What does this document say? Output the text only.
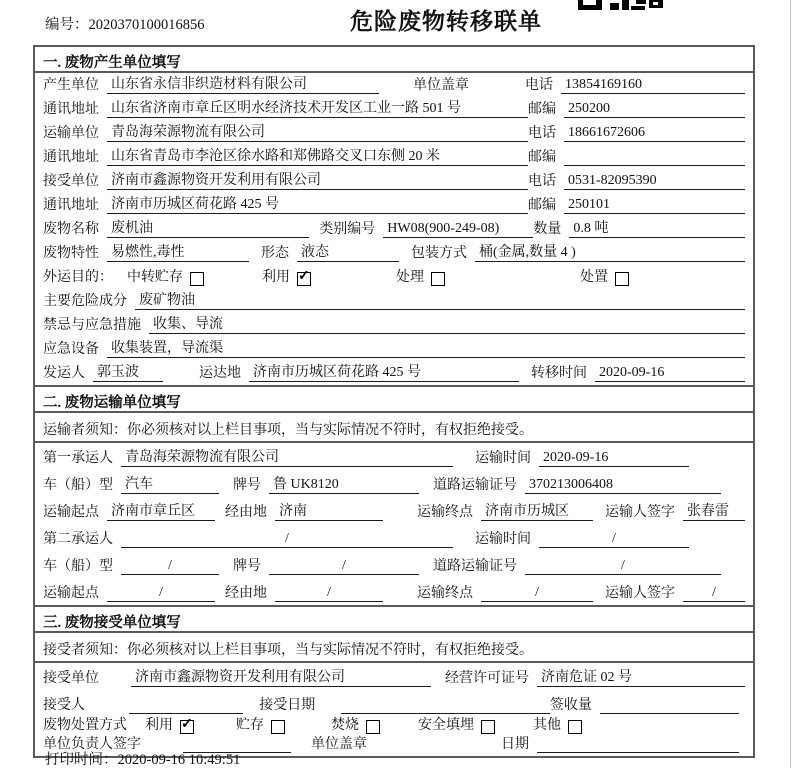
编号：2020370100016856	危险废物转移联单
一. 废物产生单位填写
产生单位 山东省永信非织造材料有限公司	单位盖章	电话 13854169160
通讯地址 山东省济南市章丘区明水经济技术开发区工业一路 501 号	邮编 250200
运输单位 青岛海荣源物流有限公司	电话 18661672606
通讯地址 山东省青岛市李沧区徐水路和郑佛路交叉口东侧 20 米	邮编
接受单位 济南市鑫源物资开发利用有限公司	电话 0531-82095390
通讯地址 济南市历城区荷花路 425 号	邮编 250101
废物名称 废机油	类别编号 HW08(900-249-08)	数量 0.8 吨
废物特性 易燃性,毒性	形态 液态	包装方式 桶(金属,数量 4 )
外运目的： 中转贮存	利用 ✓	处理	处置
主要危险成分 废矿物油
禁忌与应急措施 收集、导流
应急设备 收集装置，导流渠
发运人 郭玉波	运达地 济南市历城区荷花路 425 号	转移时间 2020-09-16
二. 废物运输单位填写
运输者须知：你必须核对以上栏目事项，当与实际情况不符时，有权拒绝接受。
第一承运人 青岛海荣源物流有限公司	运输时间 2020-09-16
车（船）型 汽车	牌号 鲁 UK8120	道路运输证号 370213006408
运输起点 济南市章丘区	经由地 济南	运输终点 济南市历城区	运输人签字 张春雷
第二承运人	/	运输时间	/
车（船）型	/	牌号	/	道路运输证号	/
运输起点	/	经由地	/	运输终点	/	运输人签字	/
三. 废物接受单位填写
接受者须知：你必须核对以上栏目事项，当与实际情况不符时，有权拒绝接受。
接受单位	济南市鑫源物资开发利用有限公司	经营许可证号 济南危证 02 号
接受人	接受日期	签收量
废物处置方式 利用 ✓	贮存	焚烧	安全填埋	其他
单位负责人签字	单位盖章	日期
打印时间：2020-09-16 10:49:51
